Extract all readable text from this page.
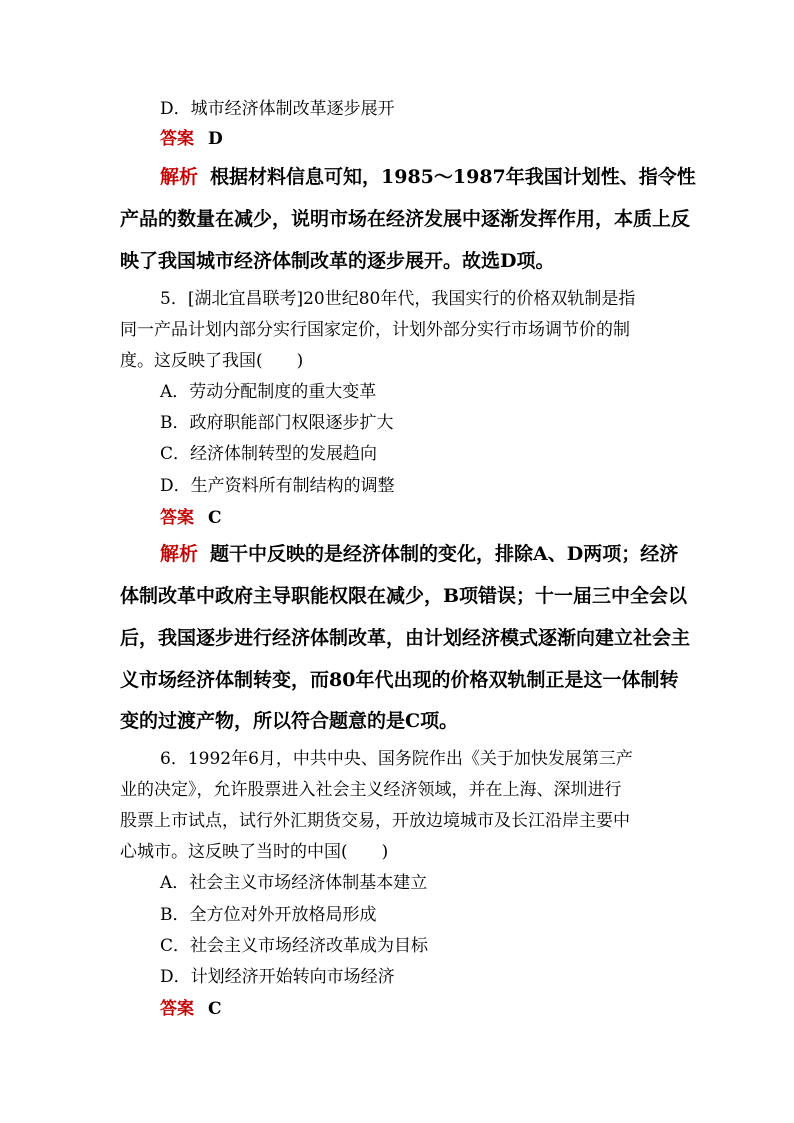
D．城市经济体制改革逐步展开
答案 D
解析 根据材料信息可知，1985～1987年我国计划性、指令性
产品的数量在减少，说明市场在经济发展中逐渐发挥作用，本质上反
映了我国城市经济体制改革的逐步展开。故选D项。
5．[湖北宜昌联考]20世纪80年代，我国实行的价格双轨制是指
同一产品计划内部分实行国家定价，计划外部分实行市场调节价的制
度。这反映了我国(　　)
A．劳动分配制度的重大变革
B．政府职能部门权限逐步扩大
C．经济体制转型的发展趋向
D．生产资料所有制结构的调整
答案 C
解析 题干中反映的是经济体制的变化，排除A、D两项；经济
体制改革中政府主导职能权限在减少，B项错误；十一届三中全会以
后，我国逐步进行经济体制改革，由计划经济模式逐渐向建立社会主
义市场经济体制转变，而80年代出现的价格双轨制正是这一体制转
变的过渡产物，所以符合题意的是C项。
6．1992年6月，中共中央、国务院作出《关于加快发展第三产
业的决定》，允许股票进入社会主义经济领域，并在上海、深圳进行
股票上市试点，试行外汇期货交易，开放边境城市及长江沿岸主要中
心城市。这反映了当时的中国(　　)
A．社会主义市场经济体制基本建立
B．全方位对外开放格局形成
C．社会主义市场经济改革成为目标
D．计划经济开始转向市场经济
答案 C
